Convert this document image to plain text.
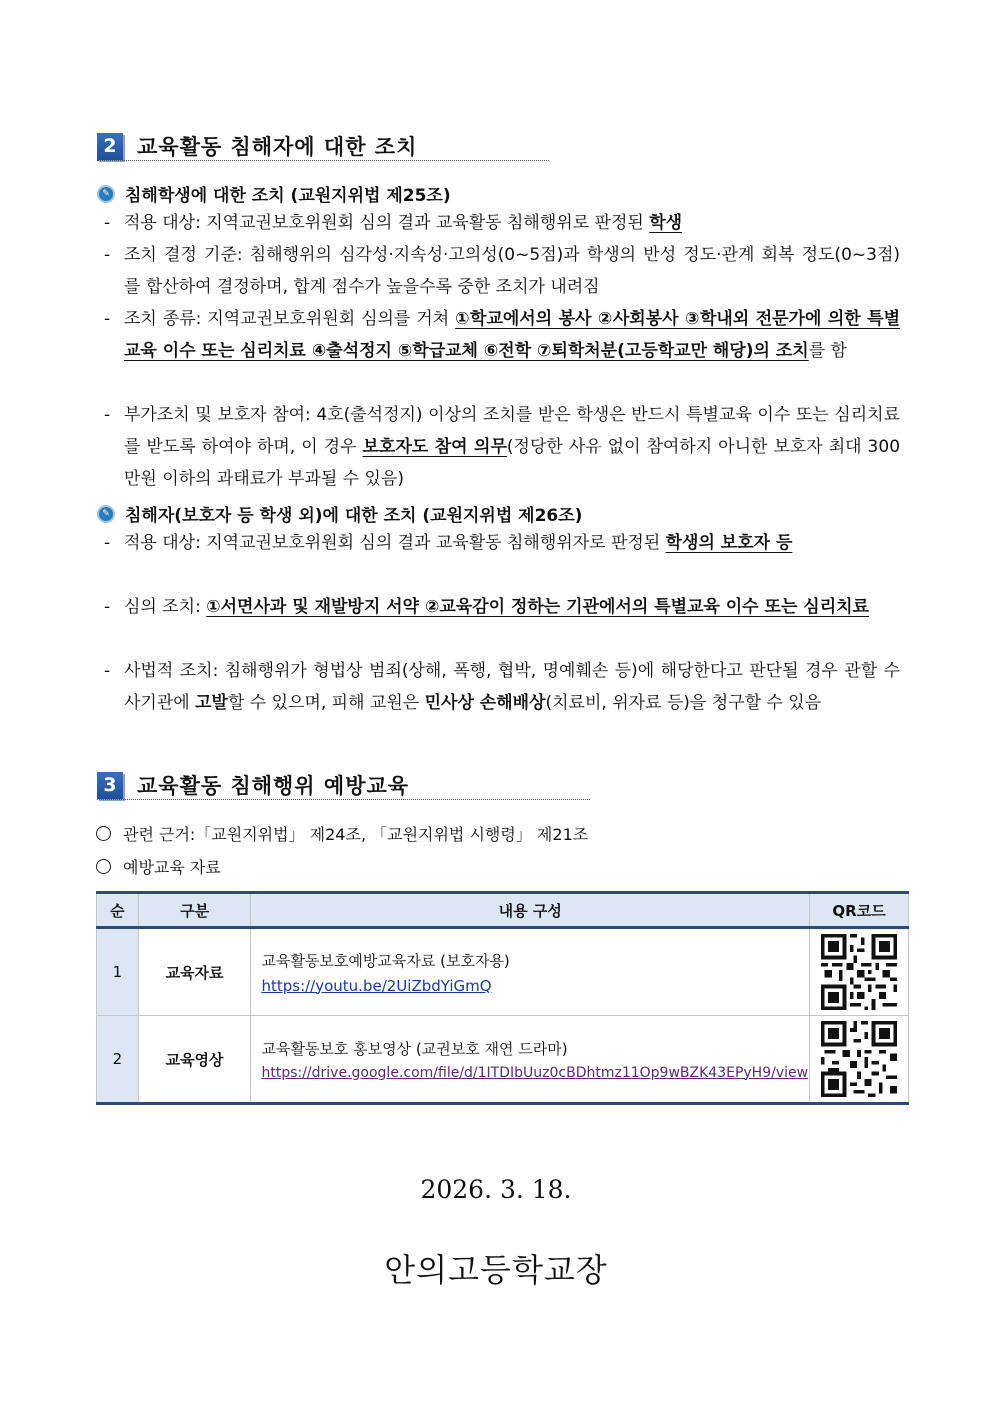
2 교육활동 침해자에 대한 조치
✎ 침해학생에 대한 조치 (교원지위법 제25조)
- 적용 대상: 지역교권보호위원회 심의 결과 교육활동 침해행위로 판정된 학생
- 조치 결정 기준: 침해행위의 심각성·지속성·고의성(0~5점)과 학생의 반성 정도·관계 회복 정도(0~3점)를 합산하여 결정하며, 합계 점수가 높을수록 중한 조치가 내려짐
- 조치 종류: 지역교권보호위원회 심의를 거쳐 ①학교에서의 봉사 ②사회봉사 ③학내외 전문가에 의한 특별교육 이수 또는 심리치료 ④출석정지 ⑤학급교체 ⑥전학 ⑦퇴학처분(고등학교만 해당)의 조치를 함
- 부가조치 및 보호자 참여: 4호(출석정지) 이상의 조치를 받은 학생은 반드시 특별교육 이수 또는 심리치료를 받도록 하여야 하며, 이 경우 보호자도 참여 의무(정당한 사유 없이 참여하지 아니한 보호자 최대 300만원 이하의 과태료가 부과될 수 있음)
✎ 침해자(보호자 등 학생 외)에 대한 조치 (교원지위법 제26조)
- 적용 대상: 지역교권보호위원회 심의 결과 교육활동 침해행위자로 판정된 학생의 보호자 등
- 심의 조치: ①서면사과 및 재발방지 서약 ②교육감이 정하는 기관에서의 특별교육 이수 또는 심리치료
- 사법적 조치: 침해행위가 형법상 범죄(상해, 폭행, 협박, 명예훼손 등)에 해당한다고 판단될 경우 관할 수사기관에 고발할 수 있으며, 피해 교원은 민사상 손해배상(치료비, 위자료 등)을 청구할 수 있음
3 교육활동 침해행위 예방교육
관련 근거:「교원지위법」 제24조, 「교원지위법 시행령」 제21조
예방교육 자료
순	구분	내용 구성	QR코드
1	교육자료	교육활동보호예방교육자료 (보호자용)
https://youtu.be/2UiZbdYiGmQ

2	교육영상	교육활동보호 홍보영상 (교권보호 재연 드라마)
https://drive.google.com/file/d/1ITDIbUuz0cBDhtmz11Op9wBZK43EPyH9/view

2026. 3. 18.
안의고등학교장
